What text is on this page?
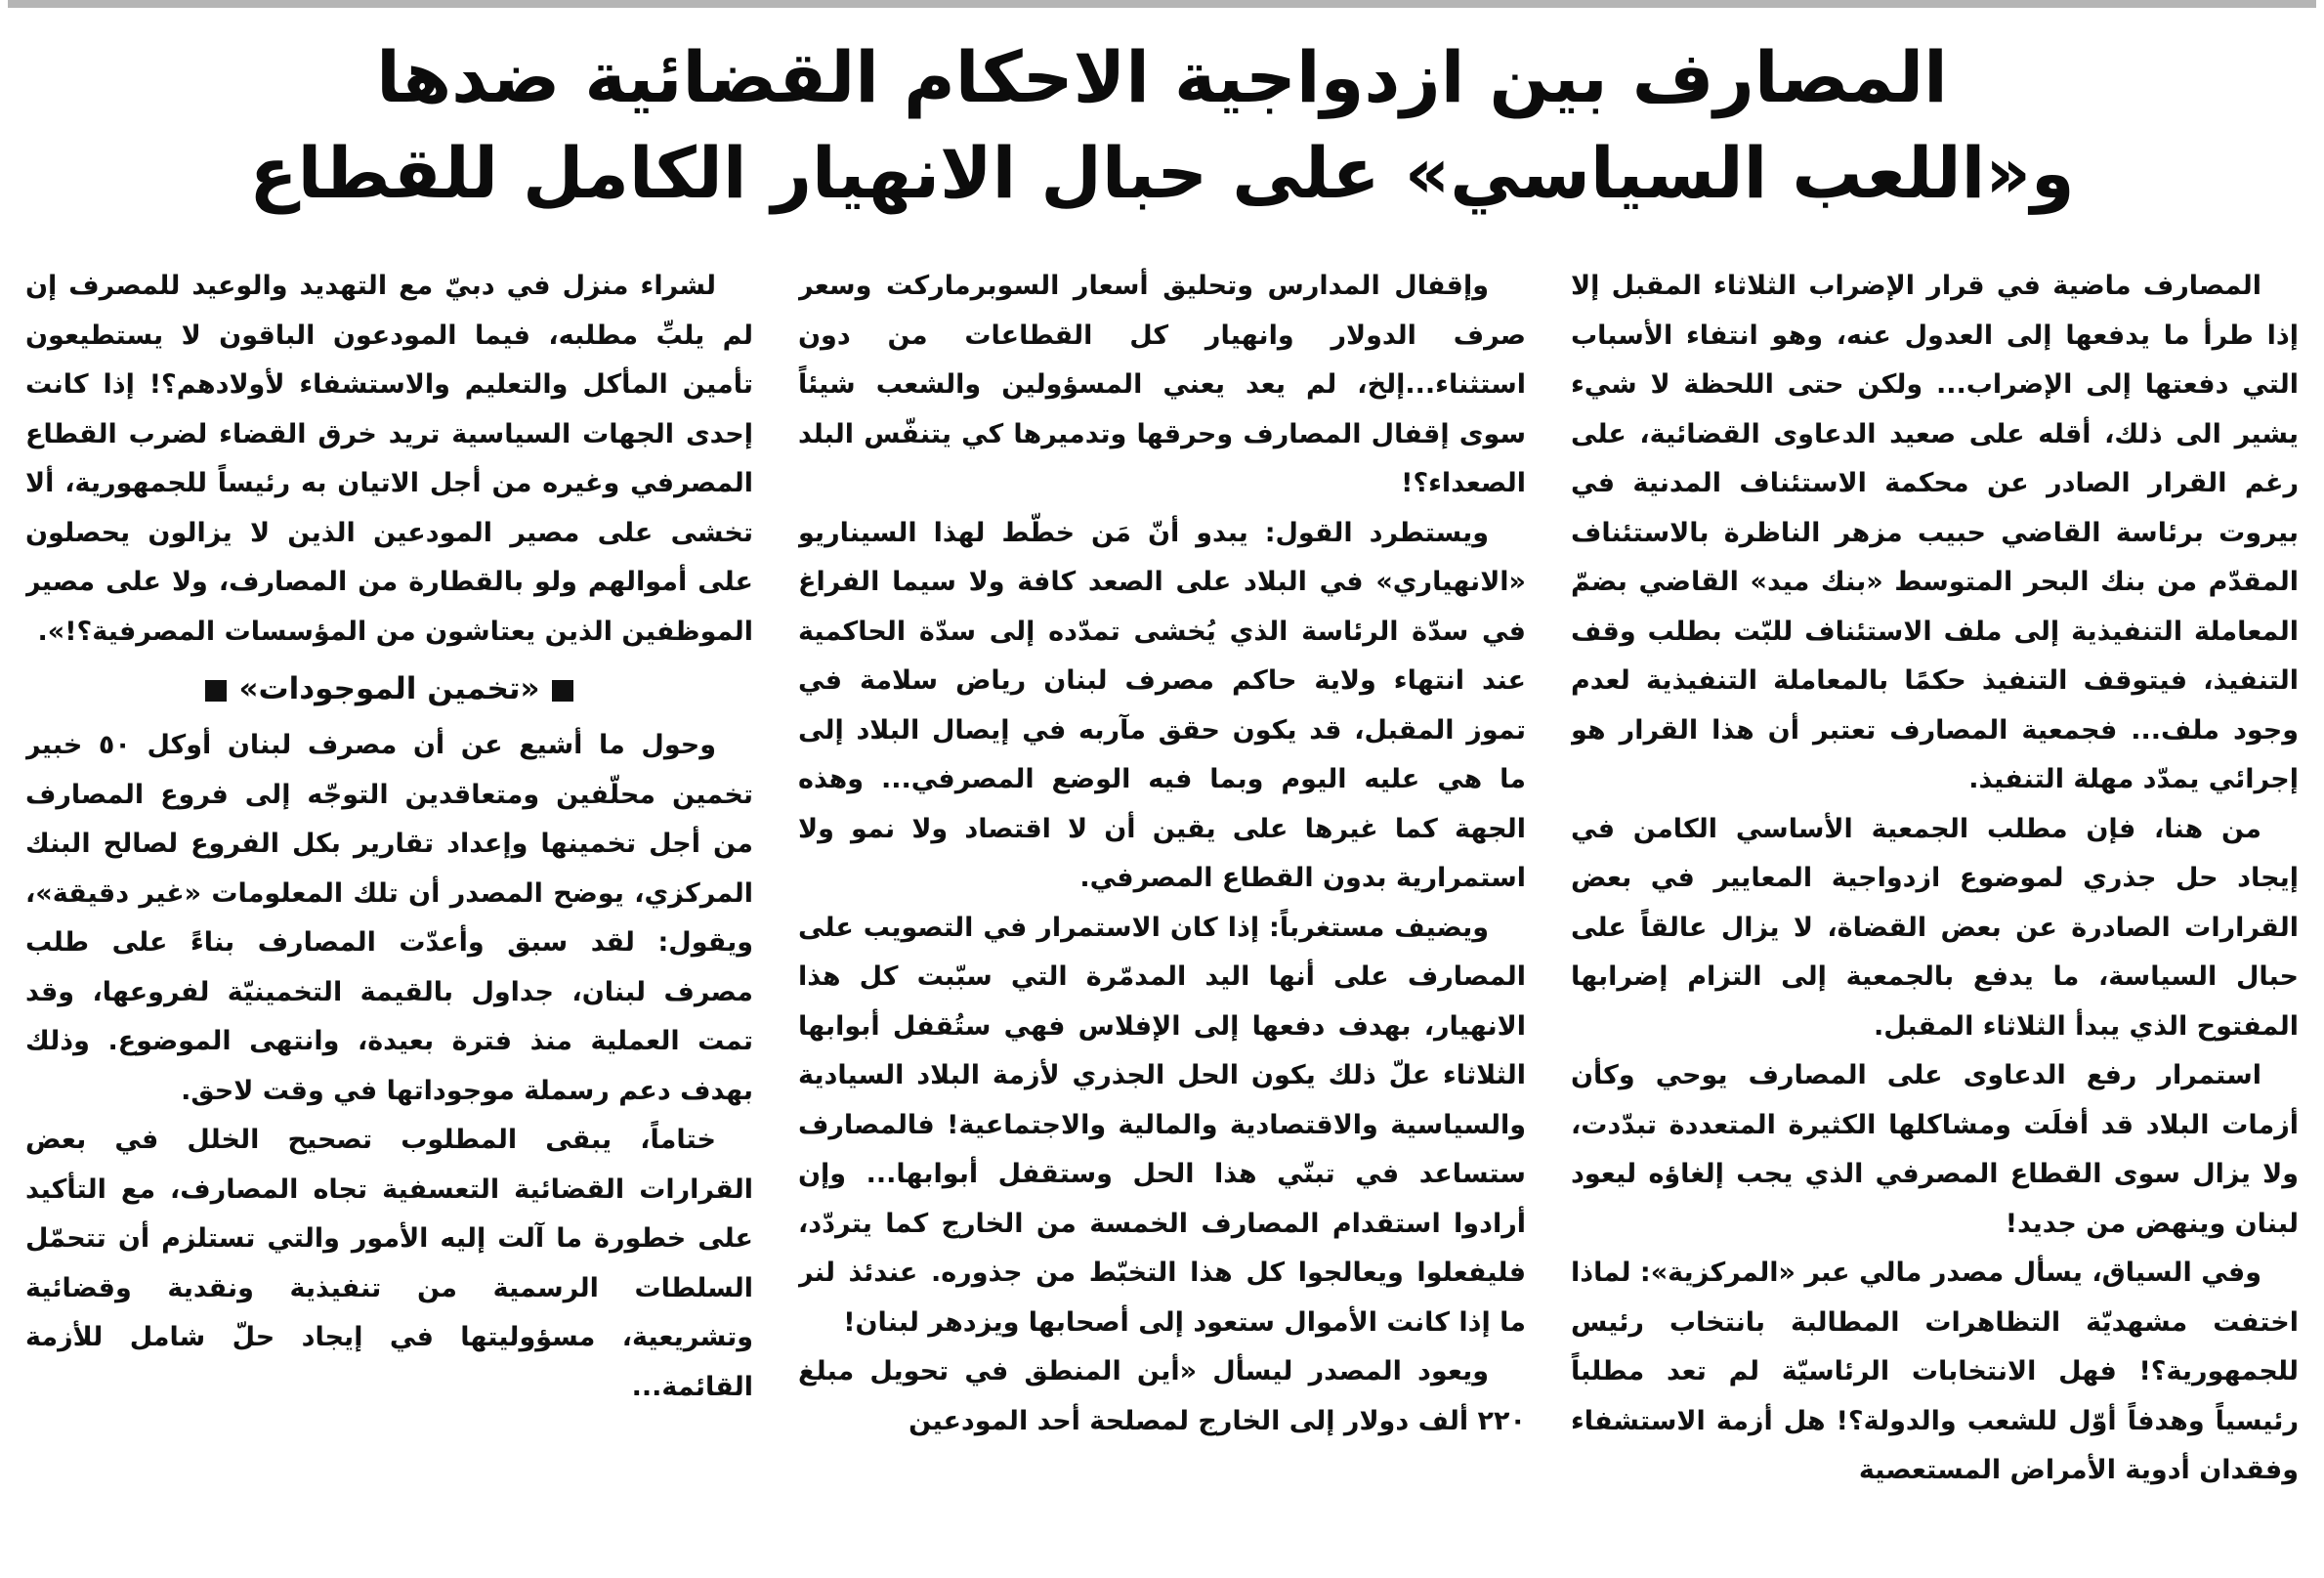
المصارف بين ازدواجية الاحكام القضائية ضدها
و«اللعب السياسي» على حبال الانهيار الكامل للقطاع

المصارف ماضية في قرار الإضراب الثلاثاء المقبل إلا إذا طرأ ما يدفعها إلى العدول عنه، وهو انتفاء الأسباب التي دفعتها إلى الإضراب... ولكن حتى اللحظة لا شيء يشير الى ذلك، أقله على صعيد الدعاوى القضائية، على رغم القرار الصادر عن محكمة الاستئناف المدنية في بيروت برئاسة القاضي حبيب مزهر الناظرة بالاستئناف المقدّم من بنك البحر المتوسط «بنك ميد» القاضي بضمّ المعاملة التنفيذية إلى ملف الاستئناف للبّت بطلب وقف التنفيذ، فيتوقف التنفيذ حكمًا بالمعاملة التنفيذية لعدم وجود ملف... فجمعية المصارف تعتبر أن هذا القرار هو إجرائي يمدّد مهلة التنفيذ.

من هنا، فإن مطلب الجمعية الأساسي الكامن في إيجاد حل جذري لموضوع ازدواجية المعايير في بعض القرارات الصادرة عن بعض القضاة، لا يزال عالقاً على حبال السياسة، ما يدفع بالجمعية إلى التزام إضرابها المفتوح الذي يبدأ الثلاثاء المقبل.

استمرار رفع الدعاوى على المصارف يوحي وكأن أزمات البلاد قد أفلَت ومشاكلها الكثيرة المتعددة تبدّدت، ولا يزال سوى القطاع المصرفي الذي يجب إلغاؤه ليعود لبنان وينهض من جديد!

وفي السياق، يسأل مصدر مالي عبر «المركزية»: لماذا اختفت مشهديّة التظاهرات المطالبة بانتخاب رئيس للجمهورية؟! فهل الانتخابات الرئاسيّة لم تعد مطلباً رئيسياً وهدفاً أوّل للشعب والدولة؟! هل أزمة الاستشفاء وفقدان أدوية الأمراض المستعصية

وإقفال المدارس وتحليق أسعار السوبرماركت وسعر صرف الدولار وانهيار كل القطاعات من دون استثناء...إلخ، لم يعد يعني المسؤولين والشعب شيئاً سوى إقفال المصارف وحرقها وتدميرها كي يتنفّس البلد الصعداء؟!

ويستطرد القول: يبدو أنّ مَن خطّط لهذا السيناريو «الانهياري» في البلاد على الصعد كافة ولا سيما الفراغ في سدّة الرئاسة الذي يُخشى تمدّده إلى سدّة الحاكمية عند انتهاء ولاية حاكم مصرف لبنان رياض سلامة في تموز المقبل، قد يكون حقق مآربه في إيصال البلاد إلى ما هي عليه اليوم وبما فيه الوضع المصرفي... وهذه الجهة كما غيرها على يقين أن لا اقتصاد ولا نمو ولا استمرارية بدون القطاع المصرفي.

ويضيف مستغرباً: إذا كان الاستمرار في التصويب على المصارف على أنها اليد المدمّرة التي سبّبت كل هذا الانهيار، بهدف دفعها إلى الإفلاس فهي ستُقفل أبوابها الثلاثاء علّ ذلك يكون الحل الجذري لأزمة البلاد السيادية والسياسية والاقتصادية والمالية والاجتماعية! فالمصارف ستساعد في تبنّي هذا الحل وستقفل أبوابها... وإن أرادوا استقدام المصارف الخمسة من الخارج كما يتردّد، فليفعلوا ويعالجوا كل هذا التخبّط من جذوره. عندئذ لنر ما إذا كانت الأموال ستعود إلى أصحابها ويزدهر لبنان!

ويعود المصدر ليسأل «أين المنطق في تحويل مبلغ ٢٢٠ ألف دولار إلى الخارج لمصلحة أحد المودعين

لشراء منزل في دبيّ مع التهديد والوعيد للمصرف إن لم يلبِّ مطلبه، فيما المودعون الباقون لا يستطيعون تأمين المأكل والتعليم والاستشفاء لأولادهم؟! إذا كانت إحدى الجهات السياسية تريد خرق القضاء لضرب القطاع المصرفي وغيره من أجل الاتيان به رئيساً للجمهورية، ألا تخشى على مصير المودعين الذين لا يزالون يحصلون على أموالهم ولو بالقطارة من المصارف، ولا على مصير الموظفين الذين يعتاشون من المؤسسات المصرفية؟!».

«تخمين الموجودات»

وحول ما أشيع عن أن مصرف لبنان أوكل ٥٠ خبير تخمين محلّفين ومتعاقدين التوجّه إلى فروع المصارف من أجل تخمينها وإعداد تقارير بكل الفروع لصالح البنك المركزي، يوضح المصدر أن تلك المعلومات «غير دقيقة»، ويقول: لقد سبق وأعدّت المصارف بناءً على طلب مصرف لبنان، جداول بالقيمة التخمينيّة لفروعها، وقد تمت العملية منذ فترة بعيدة، وانتهى الموضوع. وذلك بهدف دعم رسملة موجوداتها في وقت لاحق.

ختاماً، يبقى المطلوب تصحيح الخلل في بعض القرارات القضائية التعسفية تجاه المصارف، مع التأكيد على خطورة ما آلت إليه الأمور والتي تستلزم أن تتحمّل السلطات الرسمية من تنفيذية ونقدية وقضائية وتشريعية، مسؤوليتها في إيجاد حلّ شامل للأزمة القائمة...
